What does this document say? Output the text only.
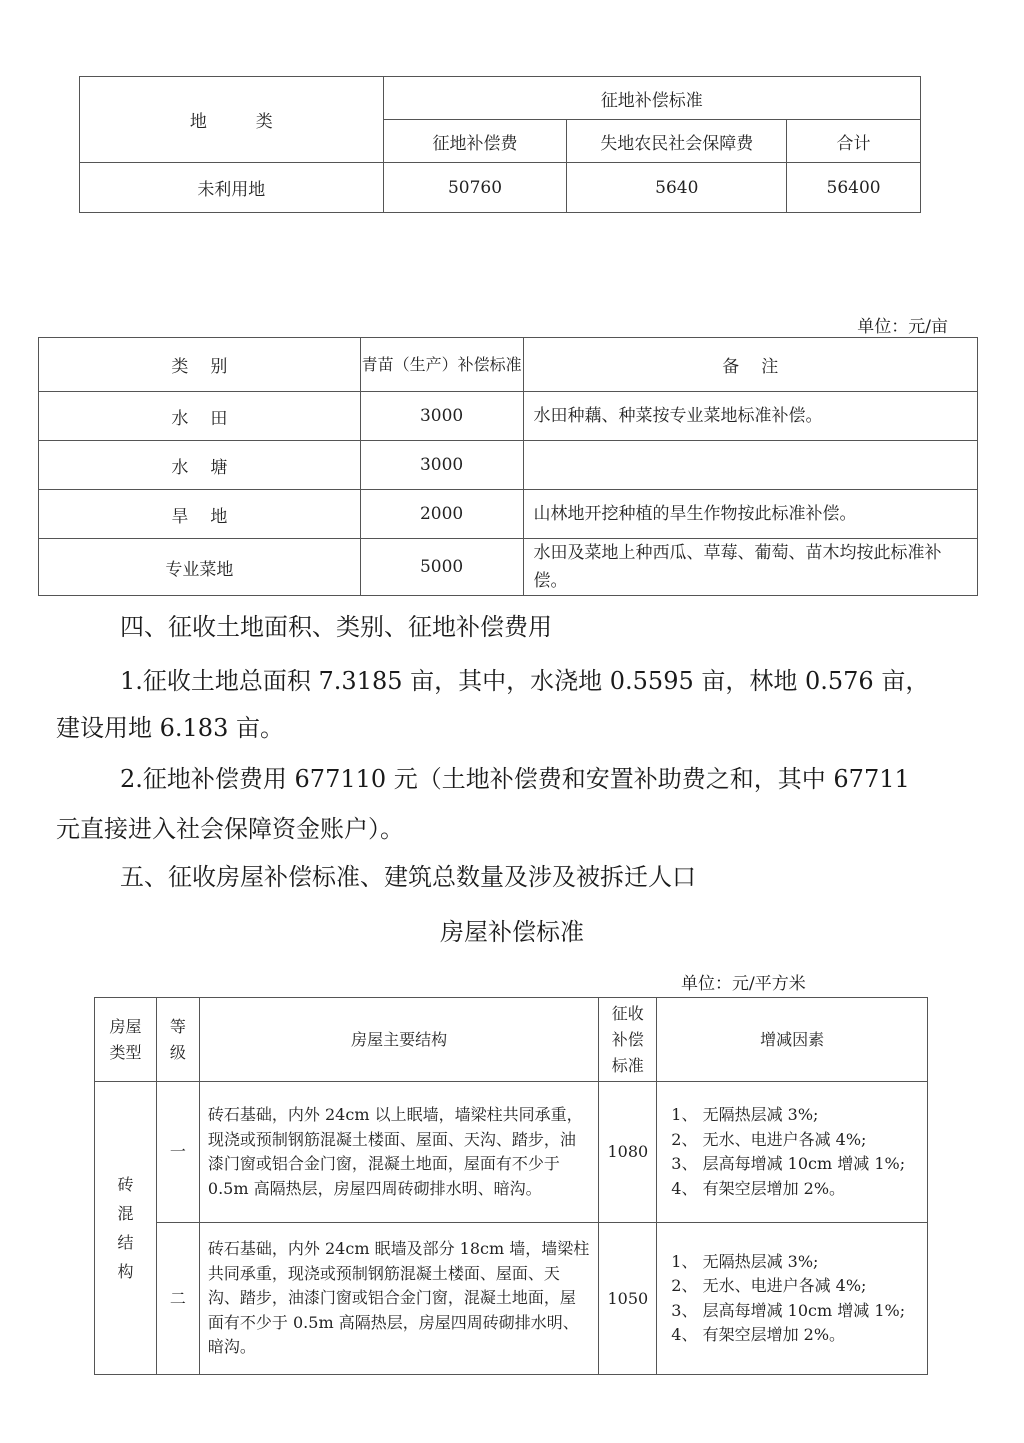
地　类	征地补偿标准		
	征地补偿费	失地农民社会保障费	合计
未利用地	50760	5640	56400
单位：元/亩
类别	青苗（生产）补偿标准	备注
水田	3000	水田种藕、种菜按专业菜地标准补偿。
水塘	3000	
旱地	2000	山林地开挖种植的旱生作物按此标准补偿。
专业菜地	5000	水田及菜地上种西瓜、草莓、葡萄、苗木均按此标准补偿。
四、征收土地面积、类别、征地补偿费用
1.征收土地总面积 7.3185 亩，其中，水浇地 0.5595 亩，林地 0.576 亩，
建设用地 6.183 亩。
2.征地补偿费用 677110 元（土地补偿费和安置补助费之和，其中 67711
元直接进入社会保障资金账户）。
五、征收房屋补偿标准、建筑总数量及涉及被拆迁人口
房屋补偿标准
单位：元/平方米
房屋类型	等级	房屋主要结构	征收补偿标准	增减因素

砖混结构	一	砖石基础，内外 24cm 以上眠墙，墙梁柱共同承重，现浇或预制钢筋混凝土楼面、屋面、天沟、踏步，油漆门窗或铝合金门窗，混凝土地面，屋面有不少于 0.5m 高隔热层，房屋四周砖砌排水明、暗沟。	1080	1、 无隔热层减 3%;
2、 无水、电进户各减 4%;
3、 层高每增减 10cm 增减 1%;
4、 有架空层增加 2%。

	二	砖石基础，内外 24cm 眠墙及部分 18cm 墙，墙梁柱共同承重，现浇或预制钢筋混凝土楼面、屋面、天沟、踏步，油漆门窗或铝合金门窗，混凝土地面，屋面有不少于 0.5m 高隔热层，房屋四周砖砌排水明、暗沟。	1050	1、 无隔热层减 3%;
2、 无水、电进户各减 4%;
3、 层高每增减 10cm 增减 1%;
4、 有架空层增加 2%。
